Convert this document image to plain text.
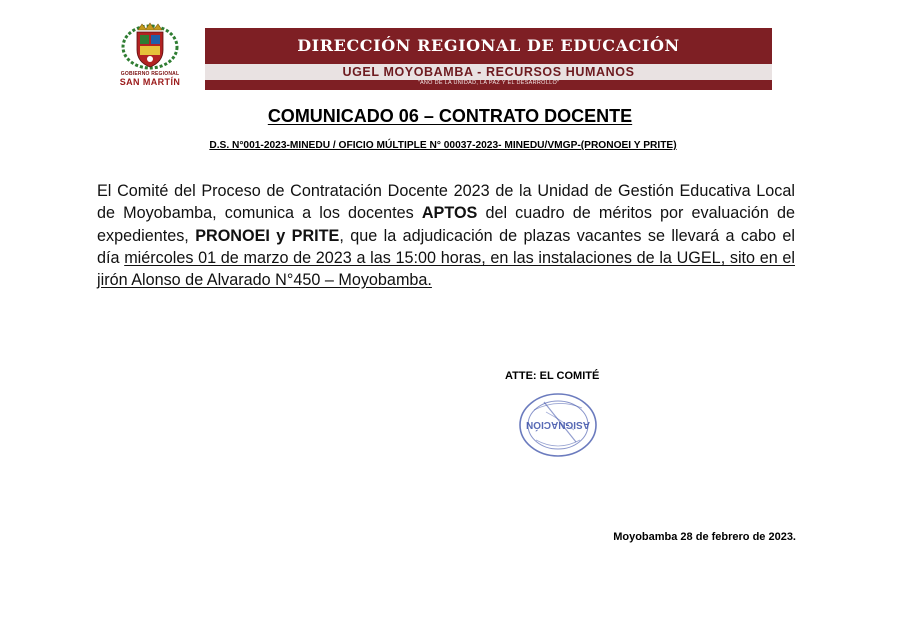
GOBIERNO REGIONAL
SAN MARTÍN
DIRECCIÓN REGIONAL DE EDUCACIÓN
UGEL MOYOBAMBA - RECURSOS HUMANOS
"AÑO DE LA UNIDAD, LA PAZ Y EL DESARROLLO"
COMUNICADO 06 – CONTRATO DOCENTE
D.S. N°001-2023-MINEDU / OFICIO MÚLTIPLE N° 00037-2023- MINEDU/VMGP-(PRONOEI Y PRITE)
El Comité del Proceso de Contratación Docente 2023 de la Unidad de Gestión Educativa Local de Moyobamba, comunica a los docentes APTOS del cuadro de méritos por evaluación de expedientes, PRONOEI y PRITE, que la adjudicación de plazas vacantes se llevará a cabo el día miércoles 01 de marzo de 2023 a las 15:00 horas, en las instalaciones de la UGEL, sito en el jirón Alonso de Alvarado N°450 – Moyobamba.
ATTE: EL COMITÉ
ASIGNACIÓN
Moyobamba 28 de febrero de 2023.
